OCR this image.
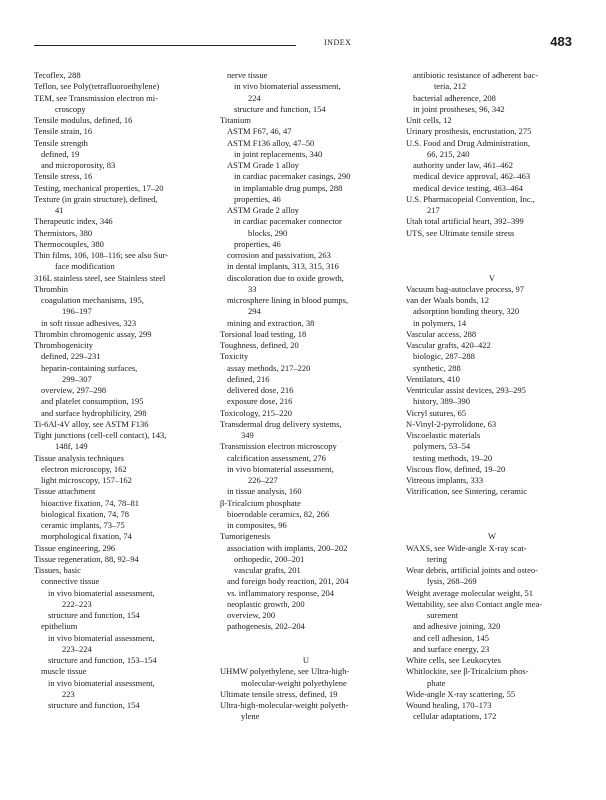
INDEX	483
Tecoflex, 288
Teflon, see Poly(tetrafluoroethylene)
TEM, see Transmission electron mi-
croscopy
Tensile modulus, defined, 16
Tensile strain, 16
Tensile strength
defined, 19
and microporosity, 83
Tensile stress, 16
Testing, mechanical properties, 17–20
Texture (in grain structure), defined,
41
Therapeutic index, 346
Thermistors, 380
Thermocouples, 380
Thin films, 106, 108–116; see also Sur-
face modification
316L stainless steel, see Stainless steel
Thrombin
coagulation mechanisms, 195,
196–197
in soft tissue adhesives, 323
Thrombin chromogenic assay, 299
Thrombogenicity
defined, 229–231
heparin-containing surfaces,
299–307
overview, 297–298
and platelet consumption, 195
and surface hydrophilicity, 298
Ti-6Al-4V alloy, see ASTM F136
Tight junctions (cell-cell contact), 143,
148f, 149
Tissue analysis techniques
electron microscopy, 162
light microscopy, 157–162
Tissue attachment
bioactive fixation, 74, 78–81
biological fixation, 74, 78
ceramic implants, 73–75
morphological fixation, 74
Tissue engineering, 296
Tissue regeneration, 88, 92–94
Tissues, basic
connective tissue
in vivo biomaterial assessment,
222–223
structure and function, 154
epithelium
in vivo biomaterial assessment,
223–224
structure and function, 153–154
muscle tissue
in vivo biomaterial assessment,
223
structure and function, 154
nerve tissue
in vivo biomaterial assessment,
224
structure and function, 154
Titanium
ASTM F67, 46, 47
ASTM F136 alloy, 47–50
in joint replacements, 340
ASTM Grade 1 alloy
in cardiac pacemaker casings, 290
in implantable drug pumps, 288
properties, 46
ASTM Grade 2 alloy
in cardiac pacemaker connector
blocks, 290
properties, 46
corrosion and passivation, 263
in dental implants, 313, 315, 316
discoloration due to oxide growth,
33
microsphere lining in blood pumps,
294
mining and extraction, 38
Torsional load testing, 18
Toughness, defined, 20
Toxicity
assay methods, 217–220
defined, 216
delivered dose, 216
exposure dose, 216
Toxicology, 215–220
Transdermal drug delivery systems,
349
Transmission electron microscopy
calcification assessment, 276
in vivo biomaterial assessment,
226–227
in tissue analysis, 160
β-Tricalcium phosphate
bioerodable ceramics, 82, 266
in composites, 96
Tumorigenesis
association with implants, 200–202
orthopedic, 200–201
vascular grafts, 201
and foreign body reaction, 201, 204
vs. inflammatory response, 204
neoplastic growth, 200
overview, 200
pathogenesis, 202–204
U
UHMW polyethylene, see Ultra-high-
molecular-weight polyethylene
Ultimate tensile stress, defined, 19
Ultra-high-molecular-weight polyeth-
ylene
antibiotic resistance of adherent bac-
teria, 212
bacterial adherence, 208
in joint prostheses, 96, 342
Unit cells, 12
Urinary prosthesis, encrustation, 275
U.S. Food and Drug Administration,
66, 215, 240
authority under law, 461–462
medical device approval, 462–463
medical device testing, 463–464
U.S. Pharmacopeial Convention, Inc.,
217
Utah total artificial heart, 392–399
UTS, see Ultimate tensile stress
V
Vacuum bag-autoclave process, 97
van der Waals bonds, 12
adsorption bonding theory, 320
in polymers, 14
Vascular access, 288
Vascular grafts, 420–422
biologic, 287–288
synthetic, 288
Ventilators, 410
Ventricular assist devices, 293–295
history, 389–390
Vicryl sutures, 65
N-Vinyl-2-pyrrolidone, 63
Viscoelastic materials
polymers, 53–54
testing methods, 19–20
Viscous flow, defined, 19–20
Vitreous implants, 333
Vitrification, see Sintering, ceramic
W
WAXS, see Wide-angle X-ray scat-
tering
Wear debris, artificial joints and osteo-
lysis, 268–269
Weight average molecular weight, 51
Wettability, see also Contact angle mea-
surement
and adhesive joining, 320
and cell adhesion, 145
and surface energy, 23
White cells, see Leukocytes
Whitlockite, see β-Tricalcium phos-
phate
Wide-angle X-ray scattering, 55
Wound healing, 170–173
cellular adaptations, 172
